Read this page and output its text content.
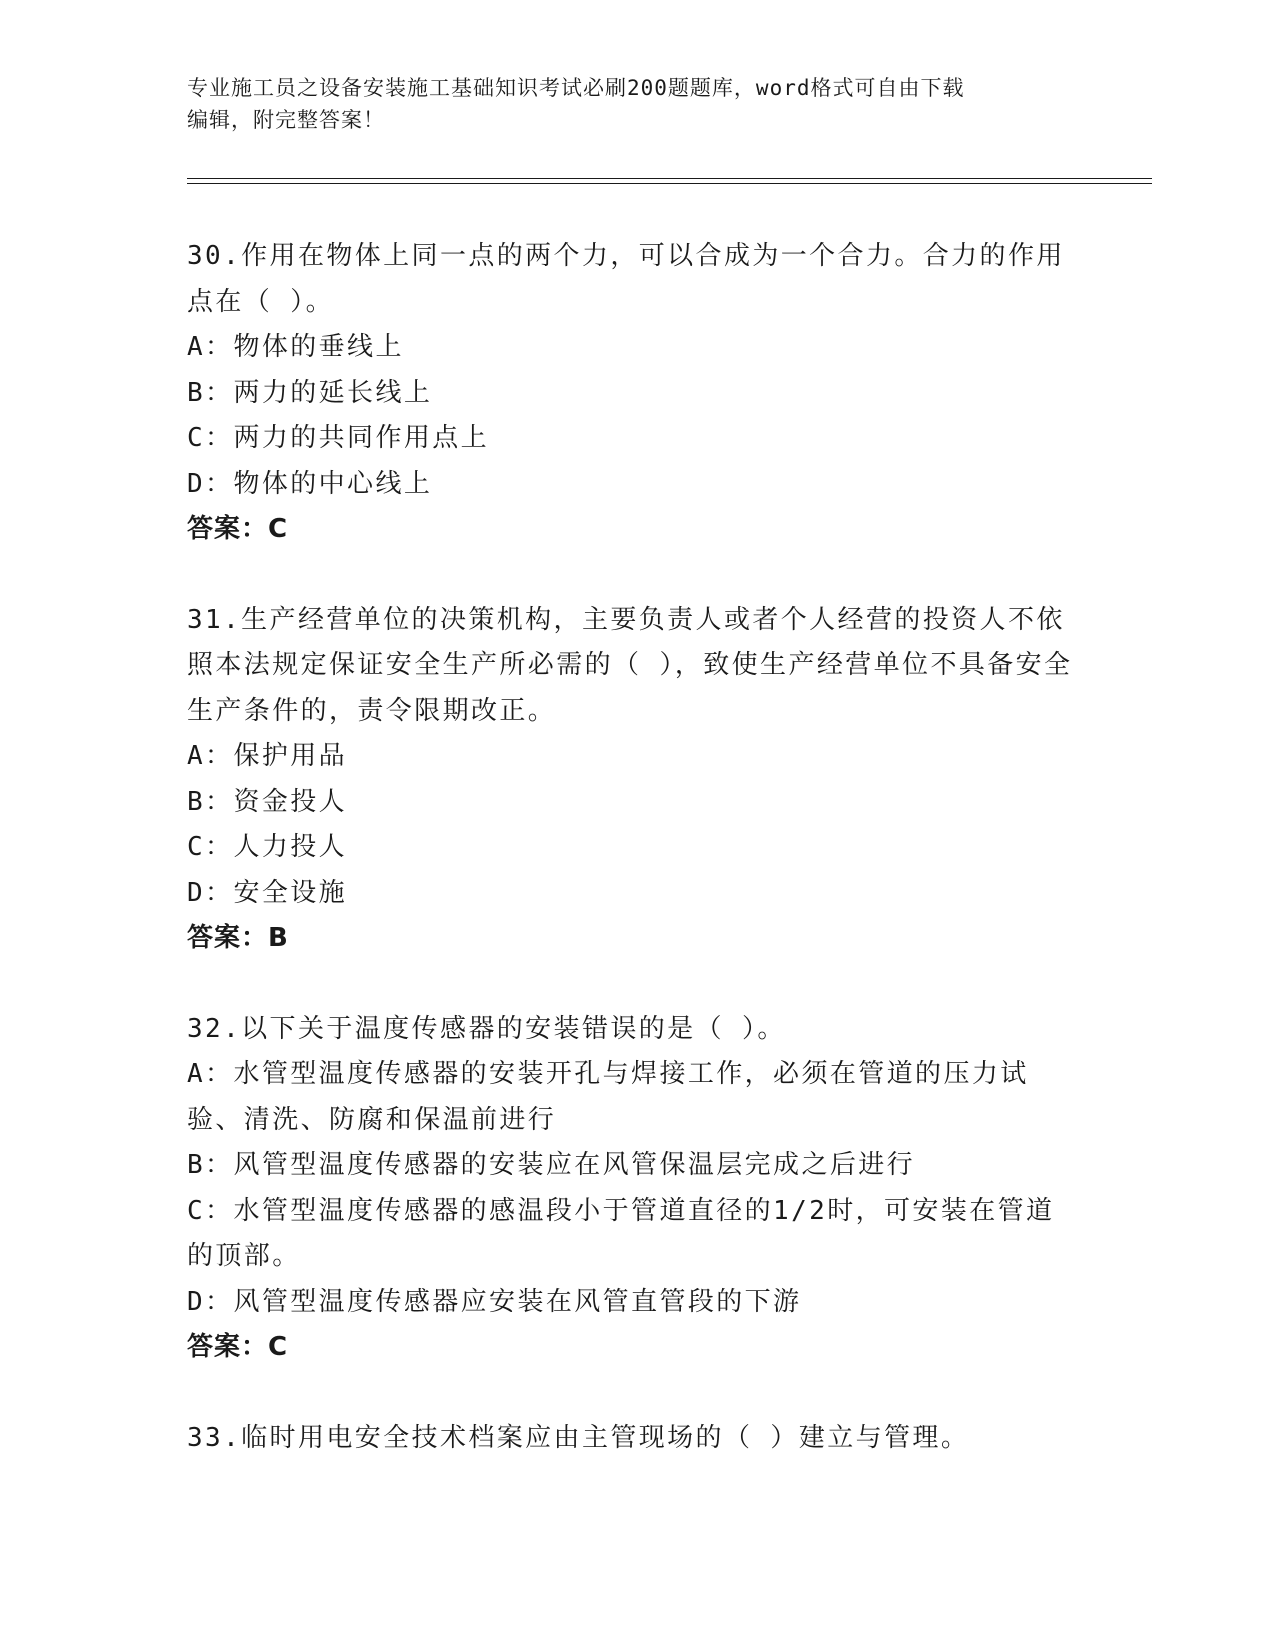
专业施工员之设备安装施工基础知识考试必刷200题题库，word格式可自由下载
编辑，附完整答案！

30.作用在物体上同一点的两个力，可以合成为一个合力。合力的作用点在（ ）。

A：物体的垂线上

B：两力的延长线上

C：两力的共同作用点上

D：物体的中心线上

答案：C

31.生产经营单位的决策机构，主要负责人或者个人经营的投资人不依照本法规定保证安全生产所必需的（ ），致使生产经营单位不具备安全生产条件的，责令限期改正。

A：保护用品

B：资金投人

C：人力投人

D：安全设施

答案：B

32.以下关于温度传感器的安装错误的是（ ）。

A：水管型温度传感器的安装开孔与焊接工作，必须在管道的压力试验、清洗、防腐和保温前进行

B：风管型温度传感器的安装应在风管保温层完成之后进行

C：水管型温度传感器的感温段小于管道直径的1/2时，可安装在管道的顶部。

D：风管型温度传感器应安装在风管直管段的下游

答案：C

33.临时用电安全技术档案应由主管现场的（ ）建立与管理。
